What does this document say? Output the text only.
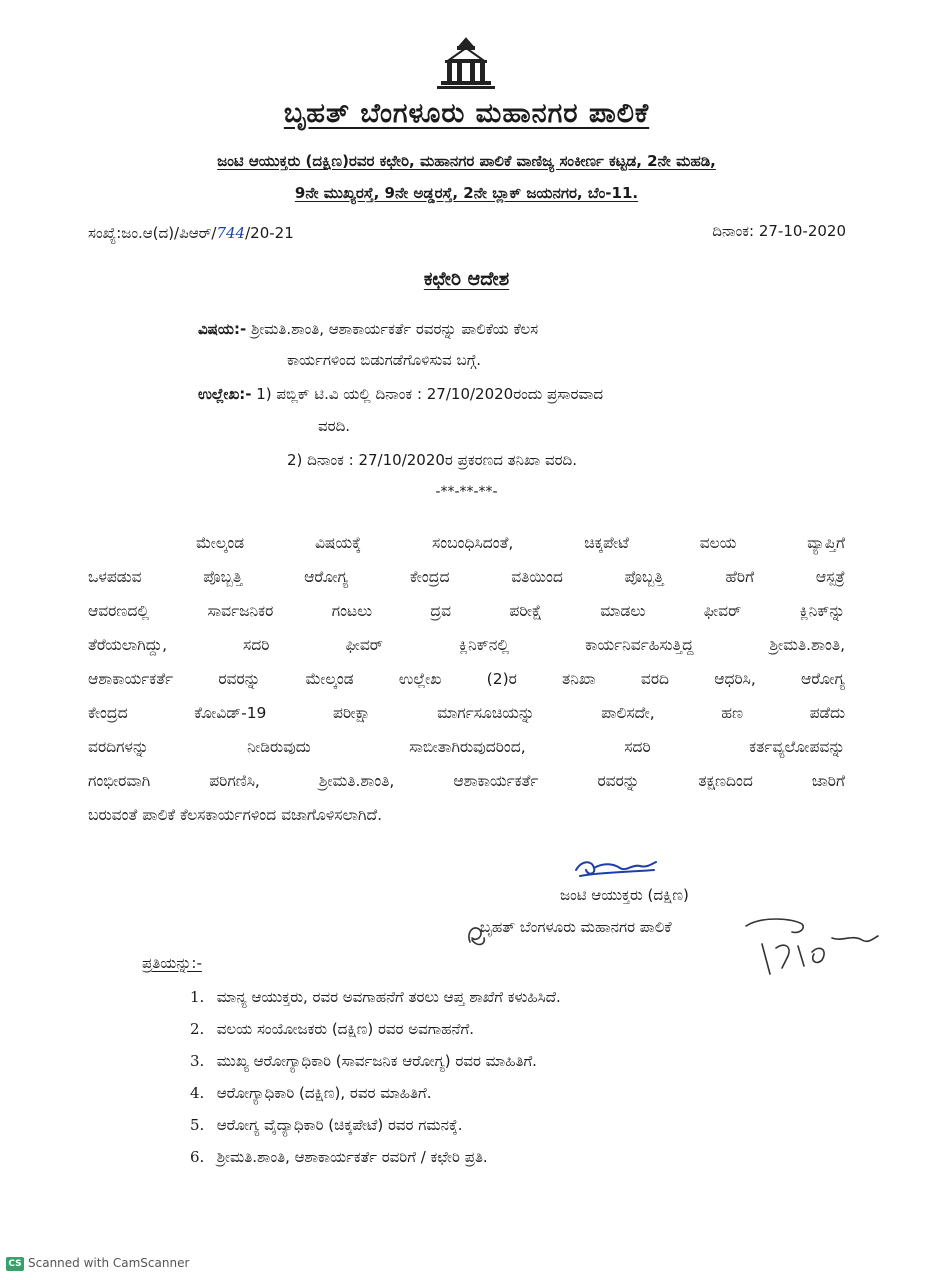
ಬೃಹತ್ ಬೆಂಗಳೂರು ಮಹಾನಗರ ಪಾಲಿಕೆ
ಜಂಟಿ ಆಯುಕ್ತರು (ದಕ್ಷಿಣ)ರವರ ಕಛೇರಿ, ಮಹಾನಗರ ಪಾಲಿಕೆ ವಾಣಿಜ್ಯ ಸಂಕೀರ್ಣ ಕಟ್ಟಡ, 2ನೇ ಮಹಡಿ,
9ನೇ ಮುಖ್ಯರಸ್ತೆ, 9ನೇ ಅಡ್ಡರಸ್ತೆ, 2ನೇ ಬ್ಲಾಕ್ ಜಯನಗರ, ಬೆಂ-11.
ಸಂಖ್ಯೆ:ಜಂ.ಆ(ದ)/ಪಿಆರ್/744/20-21	ದಿನಾಂಕ: 27-10-2020
ಕಛೇರಿ ಆದೇಶ
ವಿಷಯ:- ಶ್ರೀಮತಿ.ಶಾಂತಿ, ಆಶಾಕಾರ್ಯಕರ್ತೆ ರವರನ್ನು ಪಾಲಿಕೆಯ ಕೆಲಸ
ಕಾರ್ಯಗಳಿಂದ ಬಿಡುಗಡೆಗೊಳಿಸುವ ಬಗ್ಗೆ.
ಉಲ್ಲೇಖ:- 1) ಪಬ್ಲಿಕ್ ಟಿ.ವಿ ಯಲ್ಲಿ ದಿನಾಂಕ : 27/10/2020ರಂದು ಪ್ರಸಾರವಾದ
ವರದಿ.
2) ದಿನಾಂಕ : 27/10/2020ರ ಪ್ರಕರಣದ ತನಿಖಾ ವರದಿ.
-**-**-**-
ಮೇಲ್ಕಂಡ ವಿಷಯಕ್ಕೆ ಸಂಬಂಧಿಸಿದಂತೆ, ಚಿಕ್ಕಪೇಟೆ ವಲಯ ವ್ಯಾಪ್ತಿಗೆ
ಒಳಪಡುವ ಪೊಬ್ಬತ್ತಿ ಆರೋಗ್ಯ ಕೇಂದ್ರದ ವತಿಯಿಂದ ಪೊಬ್ಬತ್ತಿ ಹೆರಿಗೆ ಆಸ್ಪತ್ರೆ
ಆವರಣದಲ್ಲಿ ಸಾರ್ವಜನಿಕರ ಗಂಟಲು ದ್ರವ ಪರೀಕ್ಷೆ ಮಾಡಲು ಫೀವರ್ ಕ್ಲಿನಿಕ್‌ನ್ನು
ತೆರೆಯಲಾಗಿದ್ದು, ಸದರಿ ಫೀವರ್ ಕ್ಲಿನಿಕ್‌ನಲ್ಲಿ ಕಾರ್ಯನಿರ್ವಹಿಸುತ್ತಿದ್ದ ಶ್ರೀಮತಿ.ಶಾಂತಿ,
ಆಶಾಕಾರ್ಯಕರ್ತೆ ರವರನ್ನು ಮೇಲ್ಕಂಡ ಉಲ್ಲೇಖ (2)ರ ತನಿಖಾ ವರದಿ ಆಧರಿಸಿ, ಆರೋಗ್ಯ
ಕೇಂದ್ರದ ಕೋವಿಡ್-19 ಪರೀಕ್ಷಾ ಮಾರ್ಗಸೂಚಿಯನ್ನು ಪಾಲಿಸದೇ, ಹಣ ಪಡೆದು
ವರದಿಗಳನ್ನು ನೀಡಿರುವುದು ಸಾಬೀತಾಗಿರುವುದರಿಂದ, ಸದರಿ ಕರ್ತವ್ಯಲೋಪವನ್ನು
ಗಂಭೀರವಾಗಿ ಪರಿಗಣಿಸಿ, ಶ್ರೀಮತಿ.ಶಾಂತಿ, ಆಶಾಕಾರ್ಯಕರ್ತೆ ರವರನ್ನು ತಕ್ಷಣದಿಂದ ಜಾರಿಗೆ
ಬರುವಂತೆ ಪಾಲಿಕೆ ಕೆಲಸಕಾರ್ಯಗಳಿಂದ ವಜಾಗೊಳಿಸಲಾಗಿದೆ.
ಜಂಟಿ ಆಯುಕ್ತರು (ದಕ್ಷಿಣ)
ಬೃಹತ್ ಬೆಂಗಳೂರು ಮಹಾನಗರ ಪಾಲಿಕೆ
ಪ್ರತಿಯನ್ನು:-
1. ಮಾನ್ಯ ಆಯುಕ್ತರು, ರವರ ಅವಗಾಹನೆಗೆ ತರಲು ಆಪ್ತ ಶಾಖೆಗೆ ಕಳುಹಿಸಿದೆ.
2. ವಲಯ ಸಂಯೋಜಕರು (ದಕ್ಷಿಣ) ರವರ ಅವಗಾಹನೆಗೆ.
3. ಮುಖ್ಯ ಆರೋಗ್ಯಾಧಿಕಾರಿ (ಸಾರ್ವಜನಿಕ ಆರೋಗ್ಯ) ರವರ ಮಾಹಿತಿಗೆ.
4. ಆರೋಗ್ಯಾಧಿಕಾರಿ (ದಕ್ಷಿಣ), ರವರ ಮಾಹಿತಿಗೆ.
5. ಆರೋಗ್ಯ ವೈದ್ಯಾಧಿಕಾರಿ (ಚಿಕ್ಕಪೇಟೆ) ರವರ ಗಮನಕ್ಕೆ.
6. ಶ್ರೀಮತಿ.ಶಾಂತಿ, ಆಶಾಕಾರ್ಯಕರ್ತೆ ರವರಿಗೆ / ಕಛೇರಿ ಪ್ರತಿ.
CS Scanned with CamScanner
